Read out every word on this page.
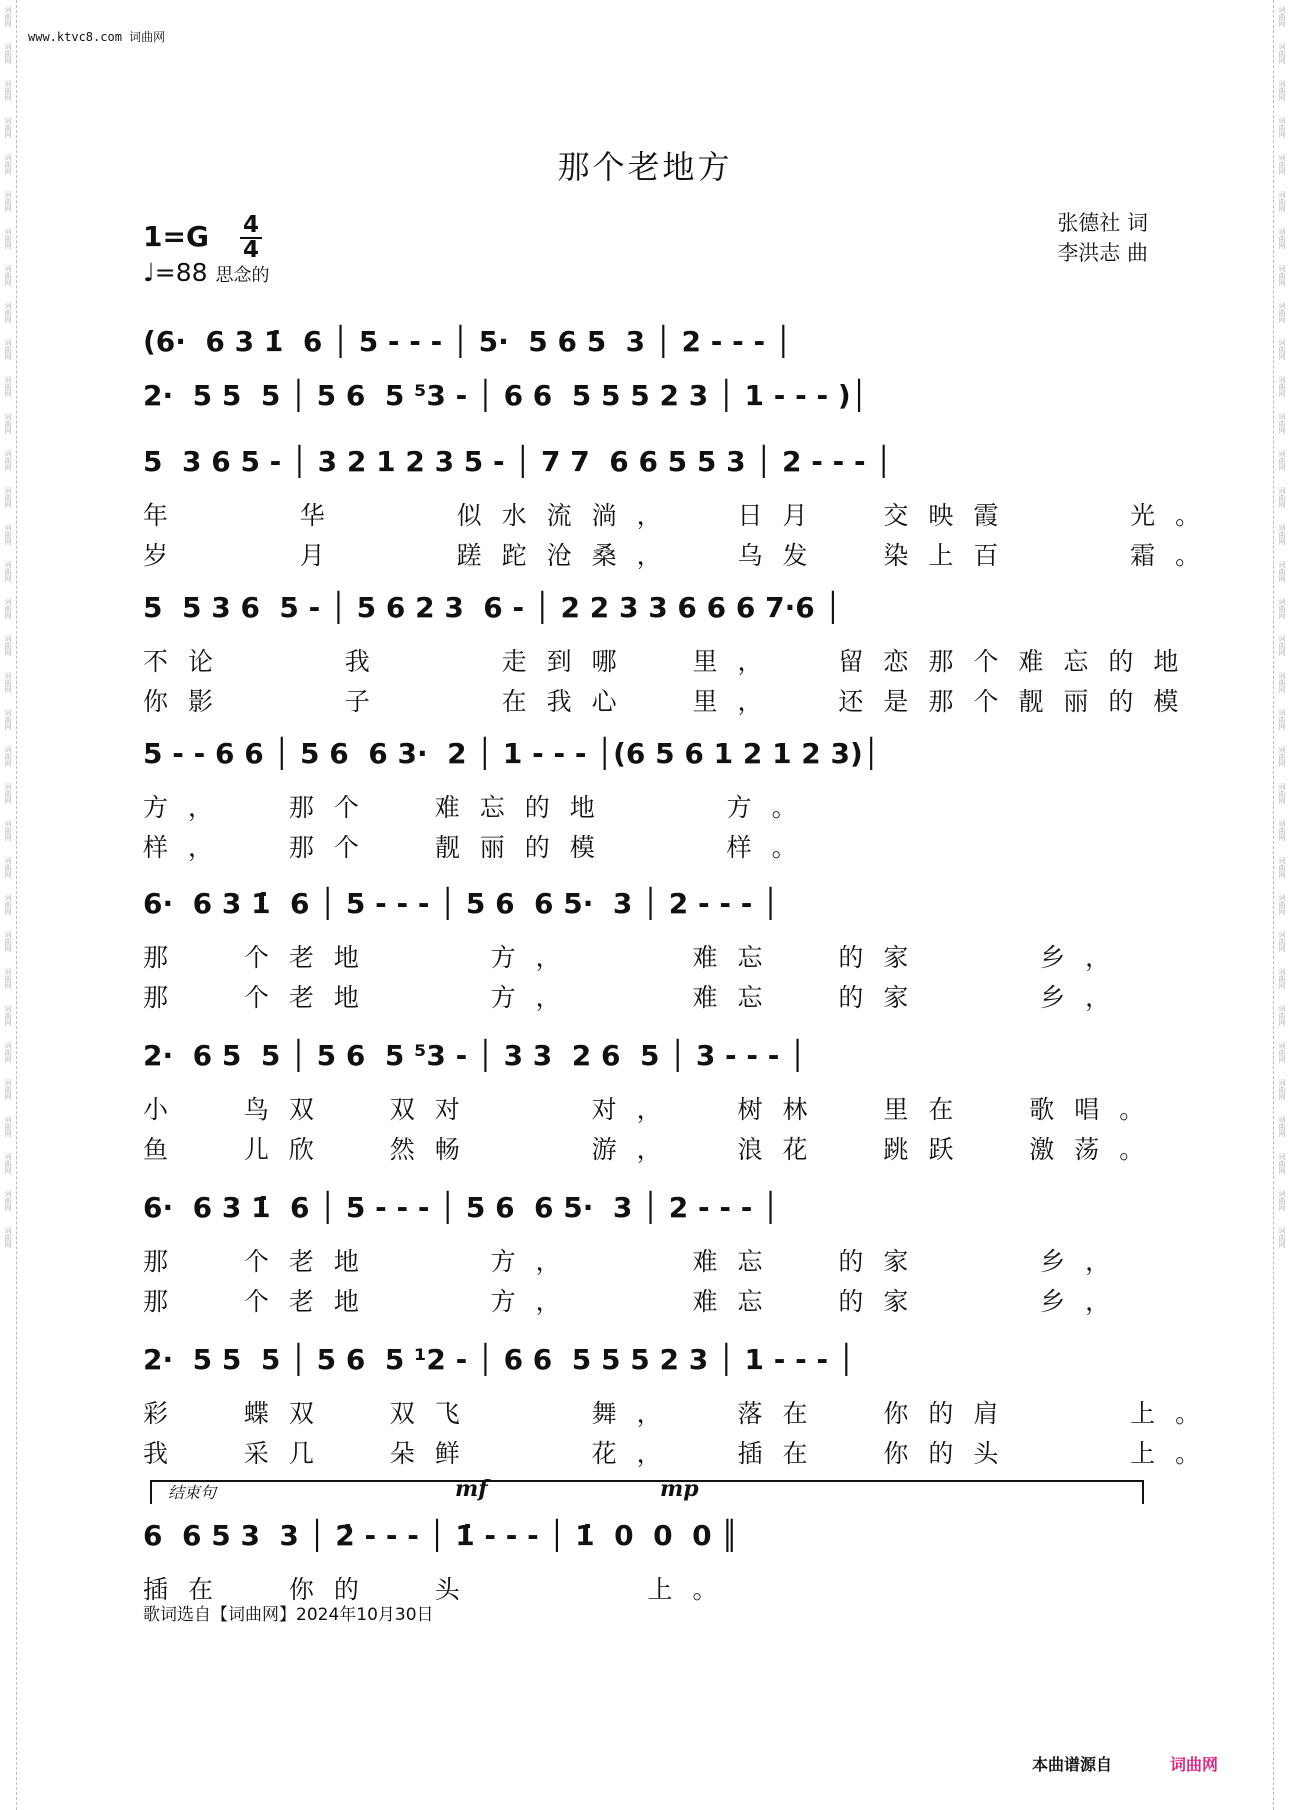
词曲网
词曲网
词曲网
词曲网
词曲网
词曲网
词曲网
词曲网
词曲网
词曲网
词曲网
词曲网
词曲网
词曲网
词曲网
词曲网
词曲网
词曲网
词曲网
词曲网
词曲网
词曲网
词曲网
词曲网
词曲网
词曲网
词曲网
词曲网
词曲网
词曲网
词曲网
词曲网
词曲网
词曲网
词曲网
词曲网
词曲网
词曲网
词曲网
词曲网
词曲网
词曲网
词曲网
词曲网
词曲网
词曲网
词曲网
词曲网
词曲网
词曲网
词曲网
词曲网
词曲网
词曲网
词曲网
词曲网
词曲网
词曲网
词曲网
词曲网
词曲网
词曲网
词曲网
词曲网
词曲网
词曲网
词曲网
词曲网
www.ktvc8.com 词曲网
那个老地方
张德社 词
李洪志 曲
1=G 4
4
♩=88 思念的
(6·  6 3 1̇  6 │ 5 - - - │ 5·  5 6 5  3 │ 2 - - - │
2·  5 5  5 │ 5 6  5 ⁵3 - │ 6 6  5 5 5 2 3 │ 1 - - - )│
5  3 6 5 - │ 3 2 1 2 3 5 - │ 7 7  6 6 5 5 3 │ 2 - - - │
年    华    似水流淌，  日月  交映霞    光。
岁    月    蹉跎沧桑，  乌发  染上百    霜。
5  5 3 6  5 - │ 5 6 2 3  6 - │ 2 2 3 3 6 6 6 7·6 │
不论    我    走到哪  里，  留恋那个难忘的地
你影    子    在我心  里，  还是那个靓丽的模
5 - - 6 6 │ 5 6  6 3·  2 │ 1 - - - │(6 5 6 1 2 1 2 3)│
方，  那个  难忘的地    方。
样，  那个  靓丽的模    样。
6·  6 3 1̇  6 │ 5 - - - │ 5 6  6 5·  3 │ 2 - - - │
那  个老地    方，    难忘  的家    乡，
那  个老地    方，    难忘  的家    乡，
2·  6 5  5 │ 5 6  5 ⁵3 - │ 3 3  2 6  5 │ 3 - - - │
小  鸟双  双对    对，  树林  里在  歌唱。
鱼  儿欣  然畅    游，  浪花  跳跃  激荡。
6·  6 3 1̇  6 │ 5 - - - │ 5 6  6 5·  3 │ 2 - - - │
那  个老地    方，    难忘  的家    乡，
那  个老地    方，    难忘  的家    乡，
2·  5 5  5 │ 5 6  5 ¹2 - │ 6 6  5 5 5 2 3 │ 1 - - - │
彩  蝶双  双飞    舞，  落在  你的肩    上。
我  采几  朵鲜    花，  插在  你的头    上。
6  6 5 3  3 │ 2̇ - - - │ 1̇ - - - │ 1̇  0  0  0 ║
插在  你的  头      上。
结束句	mf	mp
歌词选自【词曲网】2024年10月30日
本曲谱源自	词曲网
